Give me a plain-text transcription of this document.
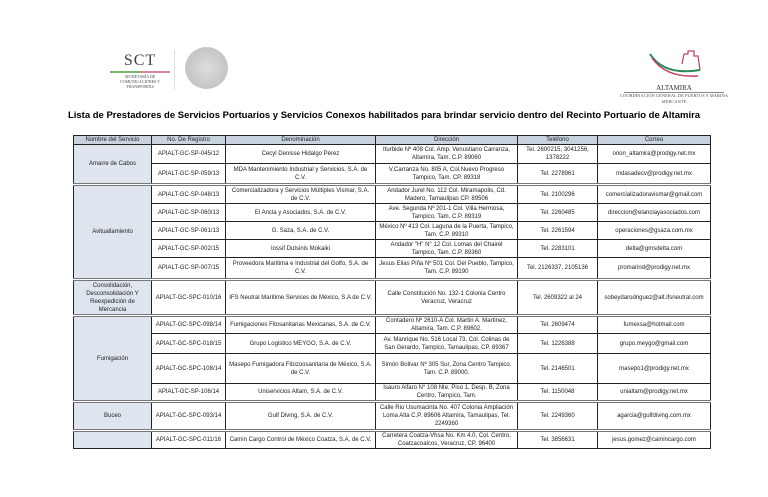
SCT
SECRETARÍA DE COMUNICACIONES Y TRANSPORTES	ALTAMIRA
COORDINACIÓN GENERAL DE PUERTOS Y MARINA MERCANTE
Lista de Prestadores de Servicios Portuarios y Servicios Conexos habilitados para brindar servicio dentro del Recinto Portuario de Altamira
Nombre del Servicio	No. De Registro	Denominación	Dirección	Teléfono	Correo
Amarre de Cabos	APIALT-GC-SP-045/12	Cecyl Denisse Hidalgo Pérez	Iturbide Nº 408 Col. Amp. Venustiano Carranza, Altamira, Tam. C.P. 89060	Tel. 2600215, 3041256, 1378222	orion_altamira@prodigy.net.mx
	APIALT-GC-SP-059/13	MDA Mantenimiento Industrial y Servicios, S.A. de C.V.	V.Carranza No. 805 A, Col.Nuevo Progreso Tampico, Tam. CP. 89318	Tel. 2278961	mdasadecv@prodigy.net.mx
Avituallamiento	APIALT-GC-SP-048/13	Comercializadora y Servicios Múltiples Vismar, S.A. de C.V.	Andador Jurel No. 112 Col. Miramapolis, Cd. Madero, Tamaulipas CP. 89506	Tel. 2100296	comercializadoravismar@gmail.com
	APIALT-GC-SP-060/13	El Ancla y Asociados, S.A. de C.V.	Ave. Segunda Nº 201-1 Col. Villa Hermosa, Tampico, Tam. C.P. 89319	Tel. 2260485	direccion@elanclayasociados.com
	APIALT-GC-SP-061/13	G. Saza, S.A. de C.V.	México Nº 413 Col. Laguna de la Puerta, Tampico, Tam. C.P. 89310	Tel. 2261594	operaciones@gsaza.com.mx
	APIALT-GC-SP-002/15	Iossif Dutsinis Mokaiki	Andador "H" N° 12 Col. Lomas del Chairel Tampico, Tam. C.P. 89360	Tel. 2283101	delta@gmsdelta.com
	APIALT-GC-SP-007/15	Proveedora Maritima e Industrial del Golfo, S.A. de C.V.	Jesus Elias Piña Nº 501 Col. Del Pueblo, Tampico, Tam. C.P. 89190	Tel. 2126337, 2105136	promarind@prodigy.net.mx
Consolidación, Desconsolidación Y Reexpedición de Mercancia	APIALT-GC-SPC-010/16	IFS Neutral Maritime Services de México, S.A de C.V.	Calle Constitución No. 132-1 Colonia Centro Veracruz, Veracruz	Tel. 2609322 al 24	sobeydarodriguez@alt.ifsneutral.com
Fumigación	APIALT-GC-SPC-098/14	Fumigaciones Fitosanitarias Mexicanas, S.A. de C.V.	Contadero Nº 2610-A Col. Martin A. Martinez, Altamira, Tam. C.P. 89602.	Tel. 2609474	fumexsa@hotmail.com
	APIALT-GC-SPC-018/15	Grupo Logistico MEYGO, S.A. de C.V.	Av. Manrique No. 516 Local 73, Col. Colinas de San Gerardo, Tampico, Tamaulipas, CP. 89367	Tel. 1226388	grupo.meygo@gmail.com
	APIALT-GC-SPC-108/14	Masepo Fumigadora Fitozoosanitaria de México, S.A. de C.V.	Simón Bolivar Nº 305 Sur, Zona Centro Tampico, Tam. C.P. 89000.	Tel. 2146501	masepo1@prodigy.net.mx
	APIALT-GC-SP-106/14	Uniservicios Altam, S.A. de C.V.	Isauro Alfaro N° 108 Nte. Piso 1, Desp. B, Zona Centro, Tampico, Tam.	Tel. 1150048	unialtam@prodigy.net.mx
Buceo	APIALT-GC-SPC-093/14	Gulf Diving, S.A. de C.V.	Calle Rio Usumacinta No. 407 Colonia Ampliación Loma Alta C.P. 89606 Altamira, Tamaulipas, Tel. 2249360	Tel. 2249360	agarcia@gulfdiving.com.mx
	APIALT-GC-SPC-011/16	Camin Cargo Control de México Coatza, S.A. de C.V.	Carretera Coatza-Vhsa No. Km 4.0, Col. Centro, Coatzacoalcos, Veracruz, CP. 96400	Tel. 3856631	jesus.gomez@camincargo.com
